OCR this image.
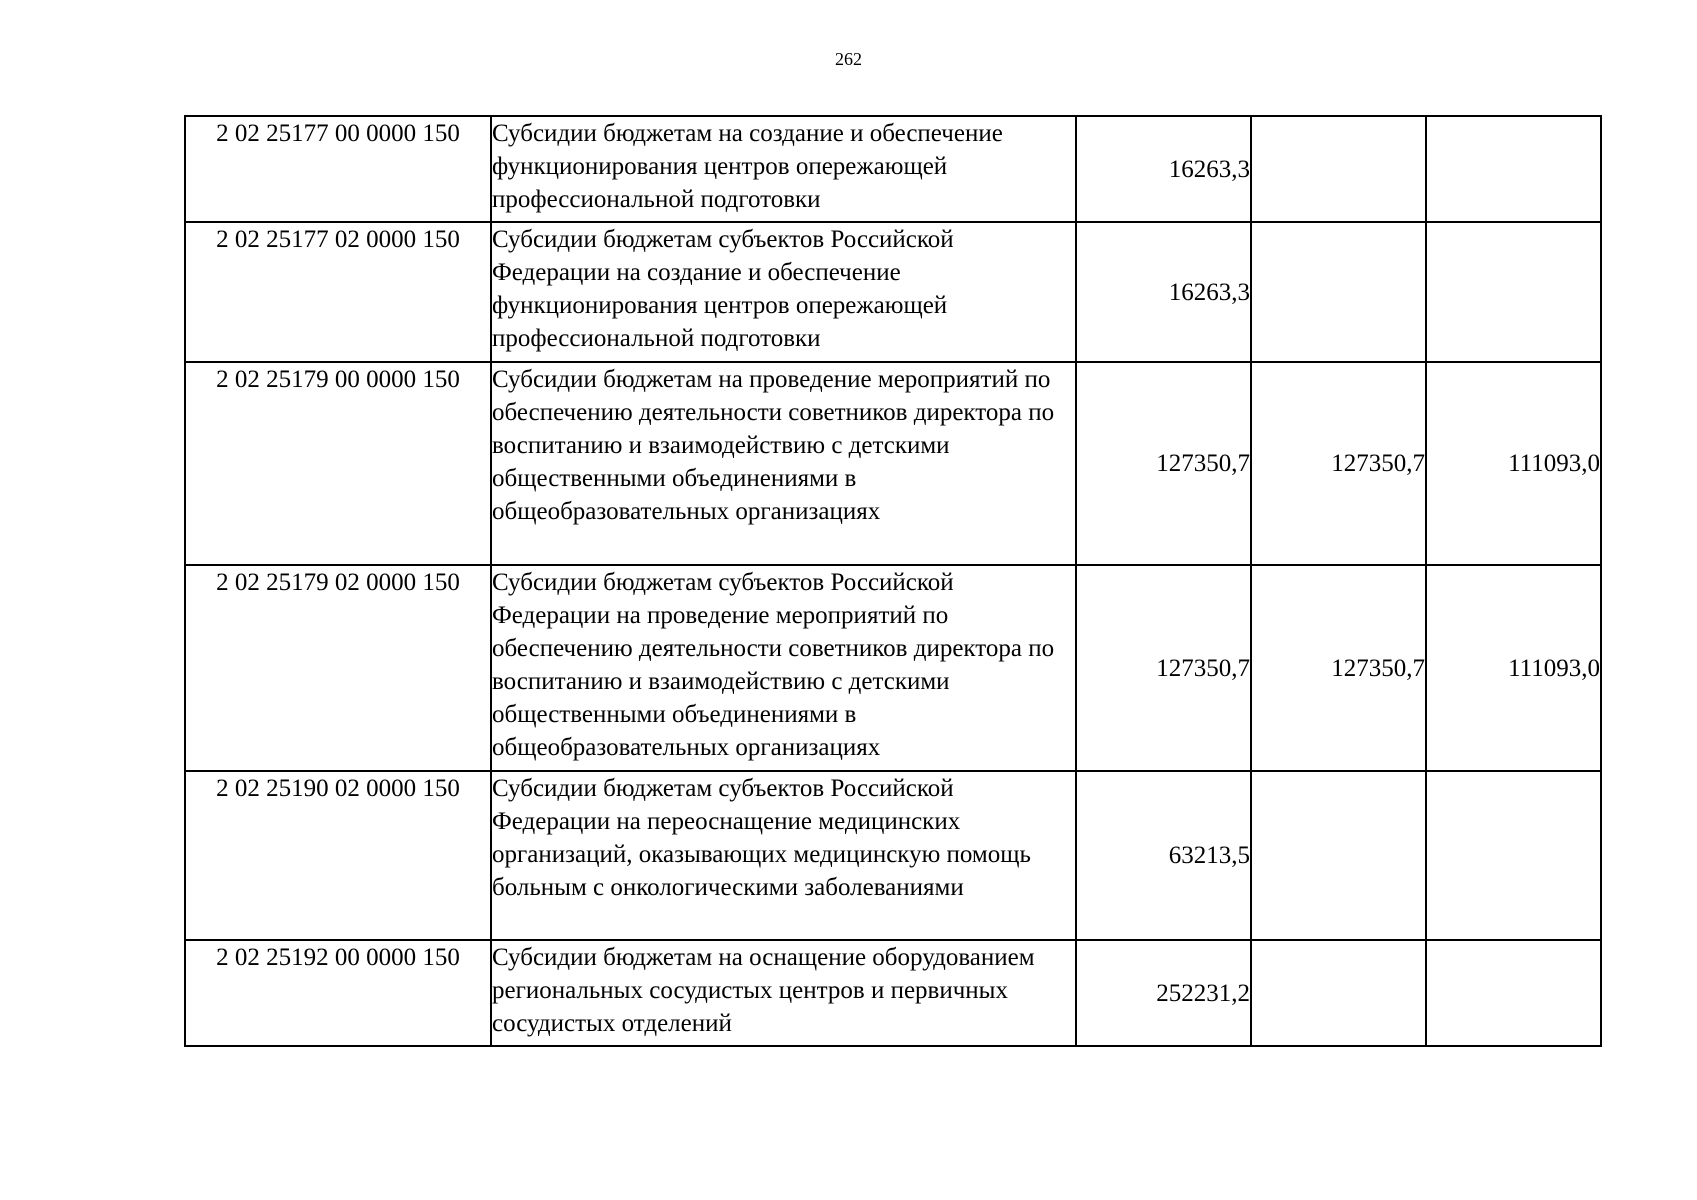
262
2 02 25177 00 0000 150	Субсидии бюджетам на создание и обеспечение функционирования центров опережающей профессиональной подготовки	16263,3		
2 02 25177 02 0000 150	Субсидии бюджетам субъектов Российской Федерации на создание и обеспечение функционирования центров опережающей профессиональной подготовки	16263,3		
2 02 25179 00 0000 150	Субсидии бюджетам на проведение мероприятий по обеспечению деятельности советников директора по воспитанию и взаимодействию с детскими общественными объединениями в общеобразовательных организациях	127350,7	127350,7	111093,0
2 02 25179 02 0000 150	Субсидии бюджетам субъектов Российской Федерации на проведение мероприятий по обеспечению деятельности советников директора по воспитанию и взаимодействию с детскими общественными объединениями в общеобразовательных организациях	127350,7	127350,7	111093,0
2 02 25190 02 0000 150	Субсидии бюджетам субъектов Российской Федерации на переоснащение медицинских организаций, оказывающих медицинскую помощь больным с онкологическими заболеваниями	63213,5		
2 02 25192 00 0000 150	Субсидии бюджетам на оснащение оборудованием региональных сосудистых центров и первичных сосудистых отделений	252231,2		
